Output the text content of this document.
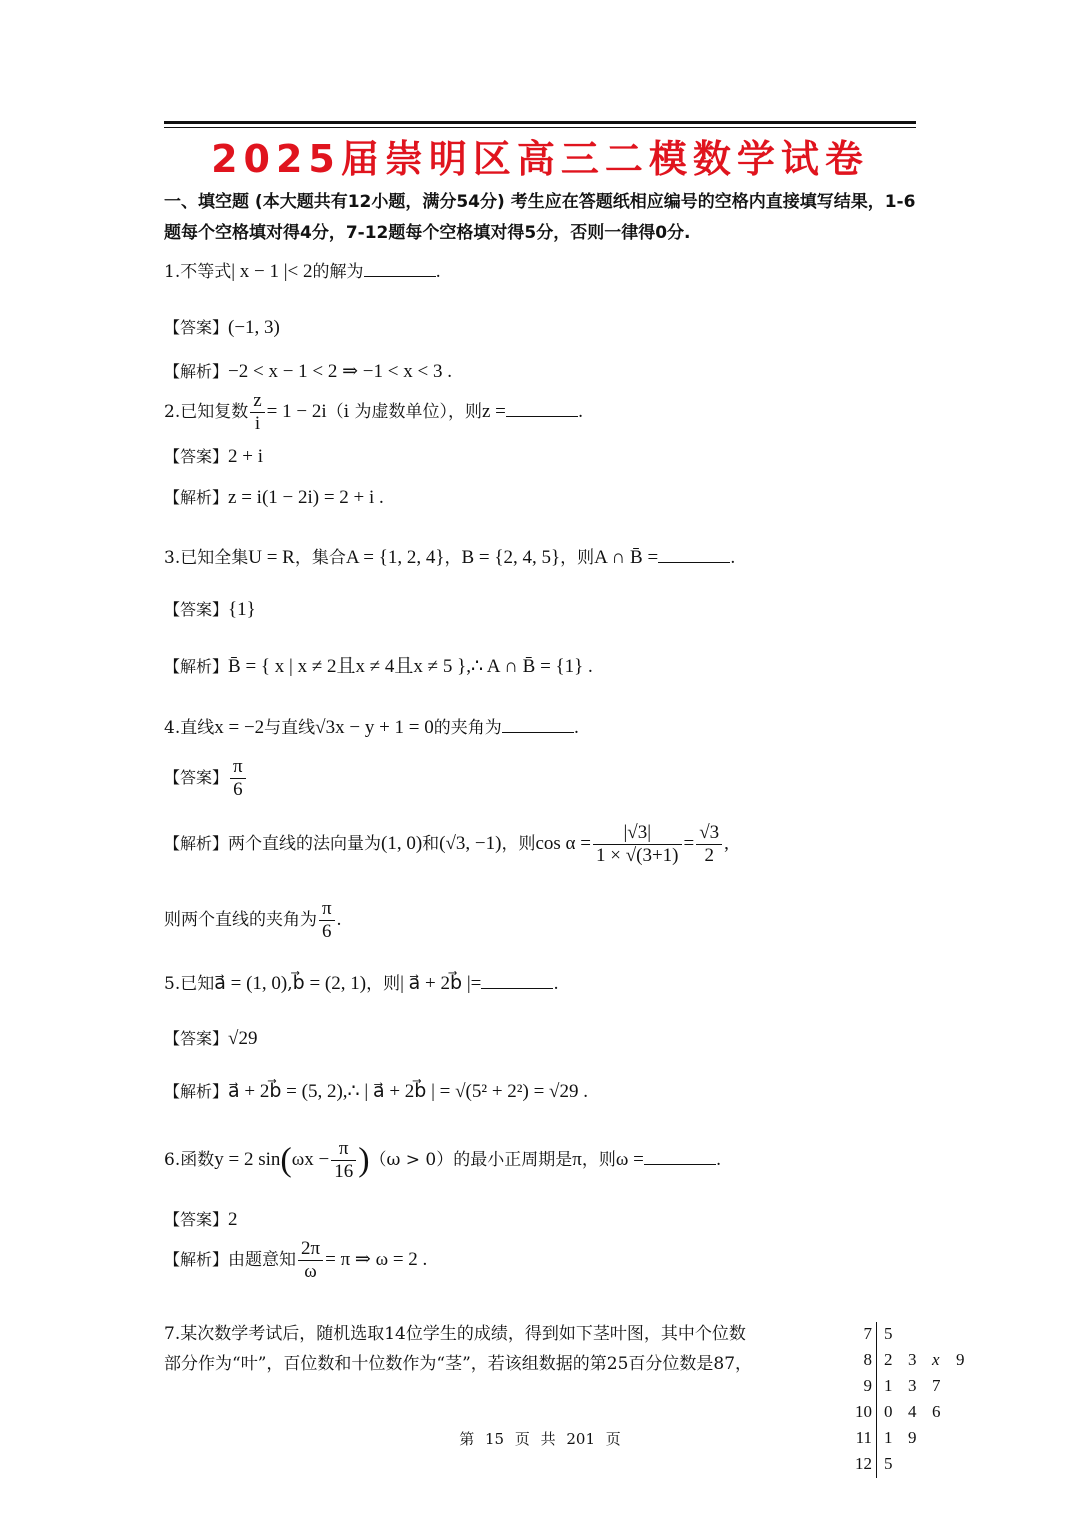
2025届崇明区高三二模数学试卷
一、填空题 (本大题共有12小题，满分54分) 考生应在答题纸相应编号的空格内直接填写结果，1-6题每个空格填对得4分，7-12题每个空格填对得5分，否则一律得0分.
1.不等式| x − 1 |< 2的解为	.
【答案】(−1, 3)
【解析】−2 < x − 1 < 2 ⇒ −1 < x < 3 .
2.已知复数 $\frac{z}{i} = 1 - 2i(i$ 为虚数单位），则z =	.
【答案】2 + i
【解析】z = i(1 − 2i) = 2 + i .
3.已知全集U = R，集合A = {1, 2, 4}，B = {2, 4, 5}，则A ∩ B̄ =	.
【答案】{1}
【解析】B̄ = { x | x ≠ 2且x ≠ 4且x ≠ 5 },∴ A ∩ B̄ = {1} .
4.直线x = −2与直线√3x − y + 1 = 0的夹角为	.
【答案】 $\frac{\pi}{6}$
【解析】两个直线的法向量为(1, 0)和(√3, −1)，则$\cos \alpha = \frac{|√3|}{1 \times √(3+1)} = \frac{√3}{2}$ ,
则两个直线的夹角为 $\frac{\pi}{6}$ .
5.已知a⃗ = (1, 0),b⃗ = (2, 1)，则| a⃗ + 2b⃗ |=	.
【答案】√29
【解析】a⃗ + 2b⃗ = (5, 2),∴ | a⃗ + 2b⃗ | = √(5² + 2²) = √29 .
6.函数y = 2 $\sin(\omega x - \frac{\pi}{16} )(\omega > 0)$的最小正周期是π，则ω =	.
【答案】2
【解析】由题意知 $\frac{2\pi}{\omega} = \pi$ ⇒ ω = 2 .
7.某次数学考试后，随机选取14位学生的成绩，得到如下茎叶图，其中个位数
部分作为“叶”，百位数和十位数作为“茎”，若该组数据的第25百分位数是87，
7 5
8 2 3 x 9
9 1 3 7
10 0 4 6
11 1 9
12 5
第 15 页 共 201 页
